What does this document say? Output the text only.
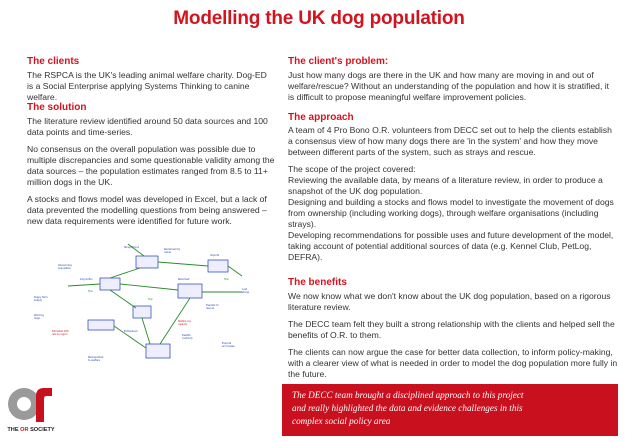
Modelling the UK dog population
The clients
The RSPCA is the UK's leading animal welfare charity. Dog-ED is a Social Enterprise applying Systems Thinking to canine welfare.
The solution
The literature review identified around 50 data sources and 100 data points and time-series.
No consensus on the overall population was possible due to multiple discrepancies and some questionable validity among the data sources – the population estimates ranged from 8.5 to 11+ million dogs in the UK.
A stocks and flows model was developed in Excel, but a lack of data prevented the modelling questions from being answered – new data requirements were identified for future work.
Owned dog
acquisition
Dog births
Strays found
Reclaimed by
owner
Imports
Rehomed
Transfer to
rescue
Euthanised
Puppy farm
supply
Working
dogs
Deaths
(natural)
Relinquished
to welfare
Exports
and losses
Lost
strays
Estimated birth
rate by region
Welfare org.
capacity
flow
flow
flow
The client's problem:
Just how many dogs are there in the UK and how many are moving in and out of welfare/rescue? Without an understanding of the population and how it is stratified, it is difficult to propose meaningful welfare improvement policies.
The approach
A team of 4 Pro Bono O.R. volunteers from DECC set out to help the clients establish a consensus view of how many dogs there are 'in the system' and how they move between different parts of the system, such as strays and rescue.
The scope of the project covered:
Reviewing the available data, by means of a literature review, in order to produce a snapshot of the UK dog population.
Designing and building a stocks and flows model to investigate the movement of dogs from ownership (including working dogs), through welfare organisations (including strays).
Developing recommendations for possible uses and future development of the model, taking account of potential additional sources of data (e.g. Kennel Club, PetLog, DEFRA).
The benefits
We now know what we don't know about the UK dog population, based on a rigorous literature review.
The DECC team felt they built a strong relationship with the clients and helped sell the benefits of O.R. to them.
The clients can now argue the case for better data collection, to inform policy-making, with a clearer view of what is needed in order to model the dog population more fully in the future.
The DECC team brought a disciplined approach to this project
and really highlighted the data and evidence challenges in this
complex social policy area
THE OR SOCIETY
